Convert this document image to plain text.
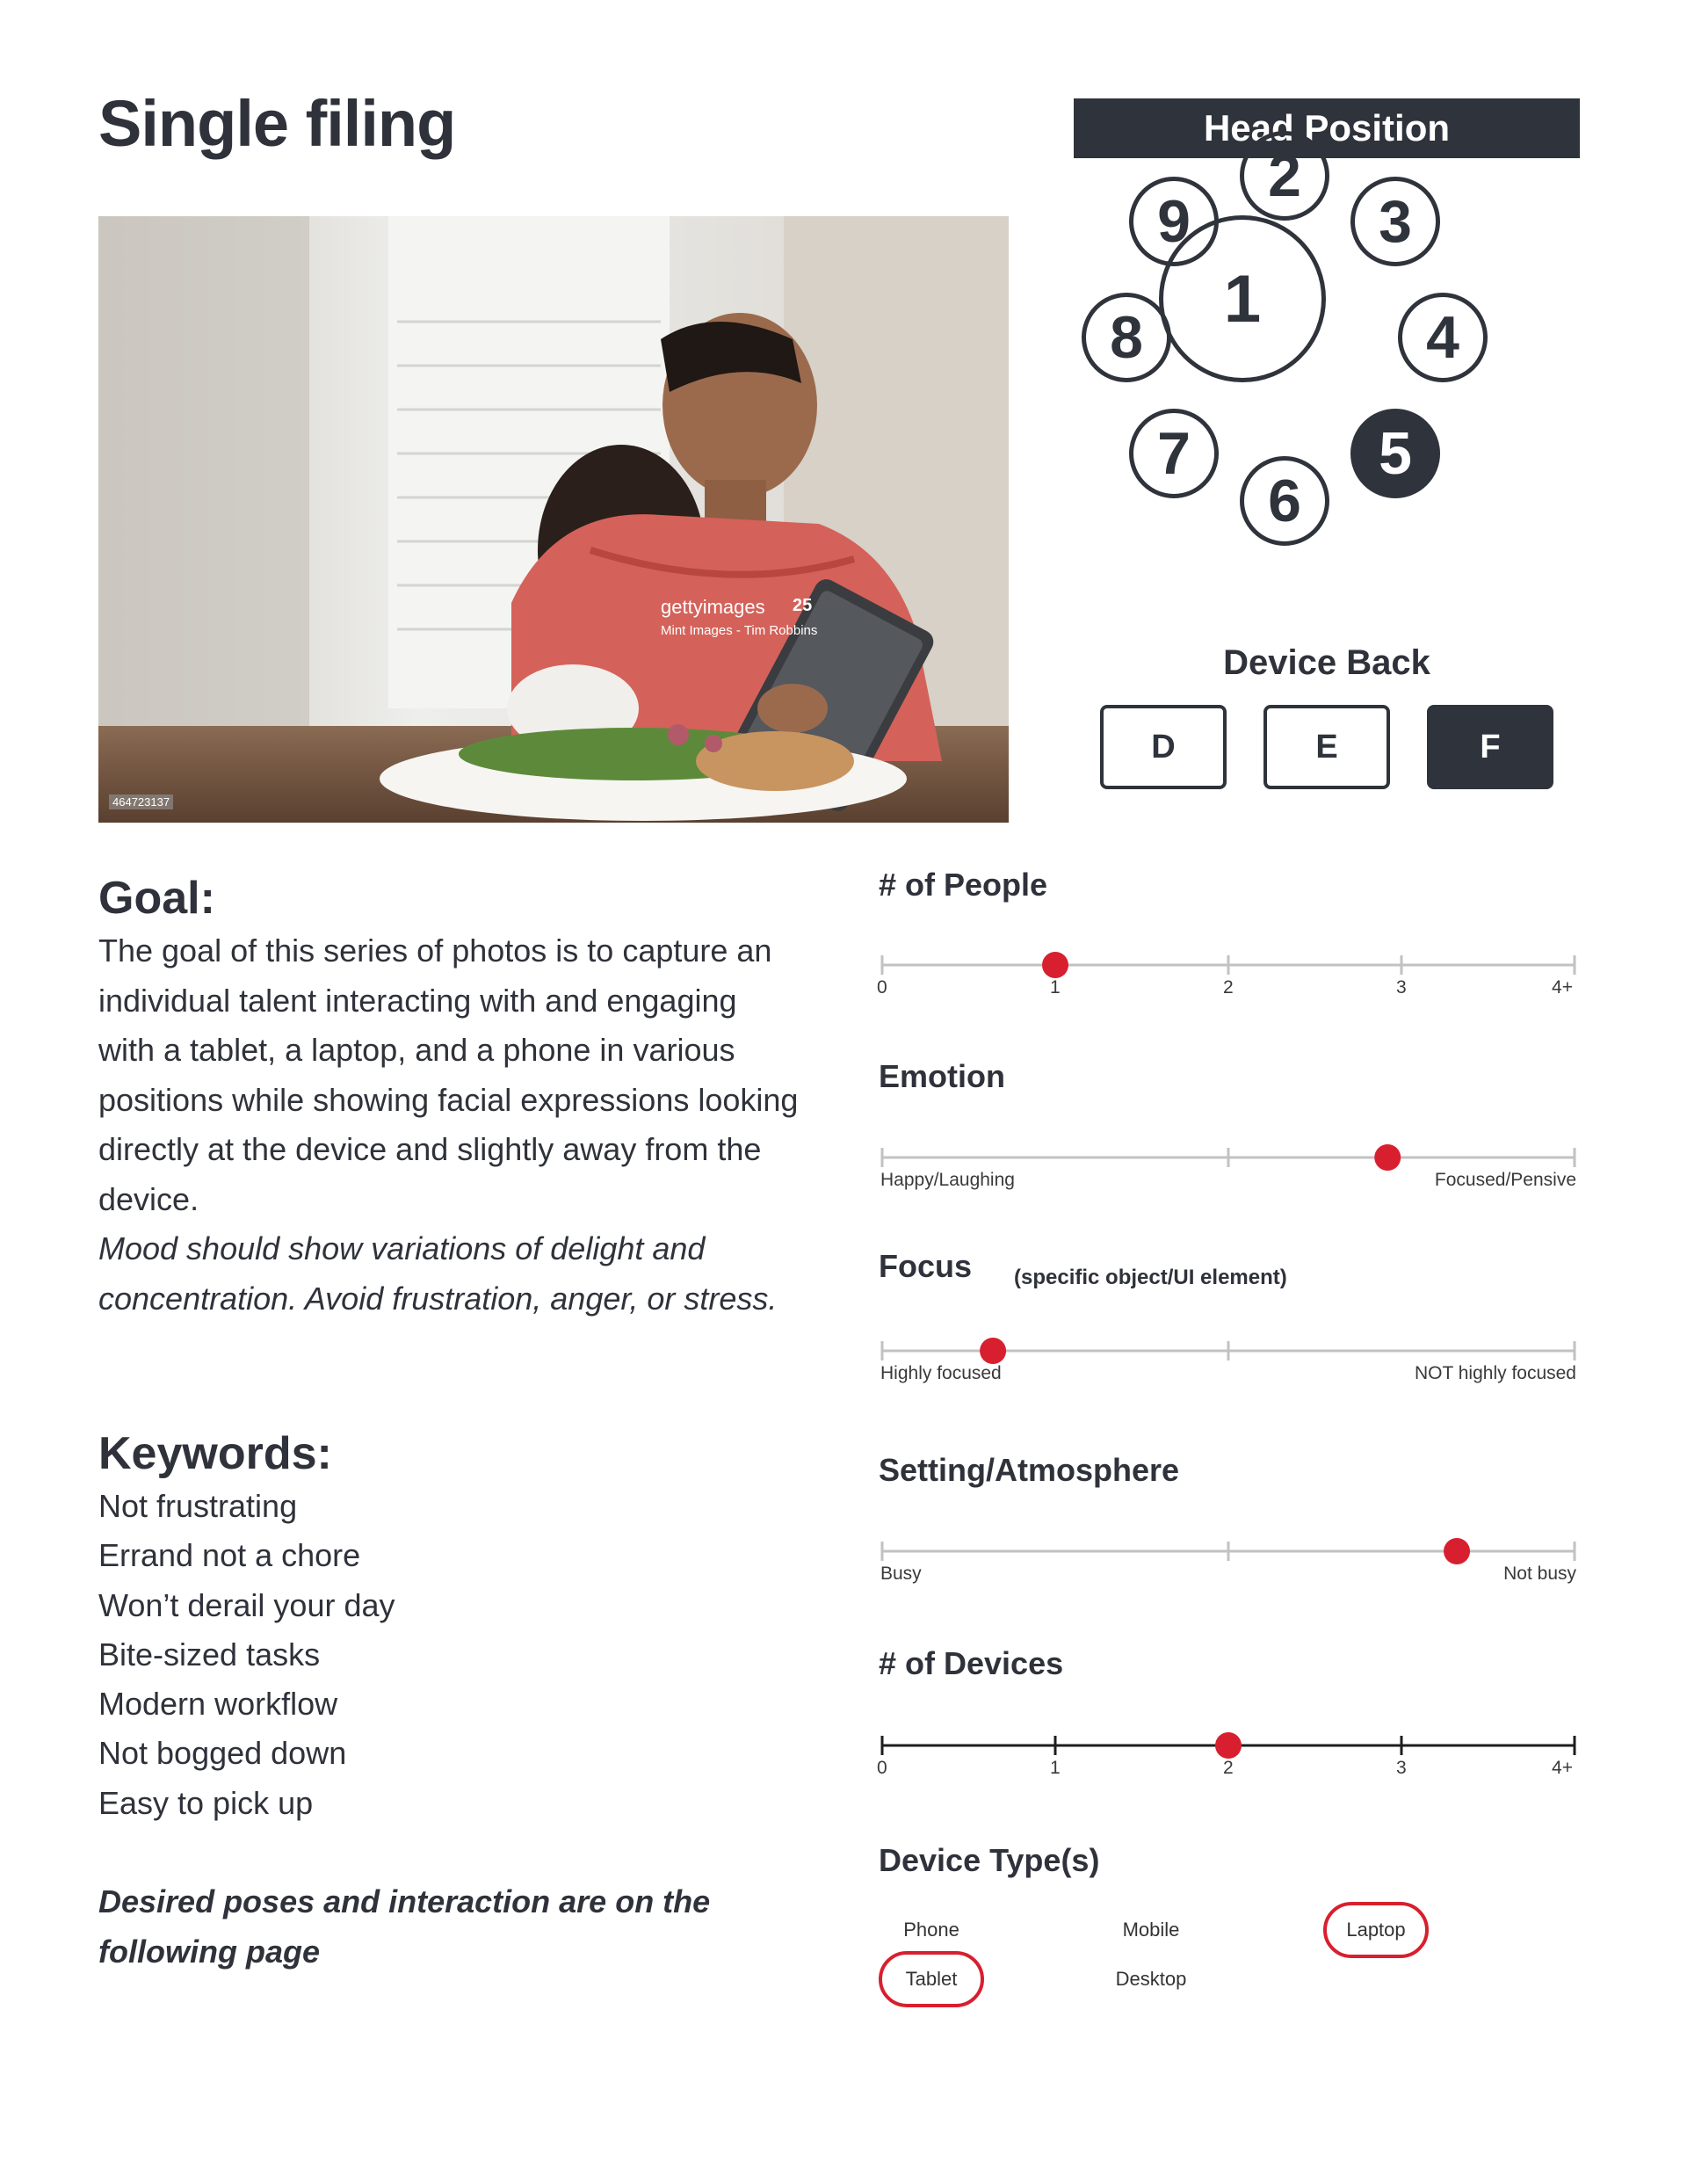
Single filing
gettyimages 25
Mint Images - Tim Robbins
464723137
Head Position
1
2
3
4
5
6
7
8
9
Device Back
D	E	F
Goal:
The goal of this series of photos is to capture an individual talent interacting with and engaging with a tablet, a laptop, and a phone in various positions while showing facial expressions looking directly at the device and slightly away from the device.
Mood should show variations of delight and concentration. Avoid frustration, anger, or stress.
Keywords:
Not frustrating
Errand not a chore
Won’t derail your day
Bite-sized tasks
Modern workflow
Not bogged down
Easy to pick up
Desired poses and interaction are on the following page
# of People
Emotion
Focus (specific object/UI element)
Setting/Atmosphere
# of Devices
0	1	2	3	4+
Happy/Laughing	Focused/Pensive
Highly focused	NOT highly focused
Busy	Not busy
0	1	2	3	4+
Device Type(s)
Phone	Mobile	Laptop
Tablet	Desktop
